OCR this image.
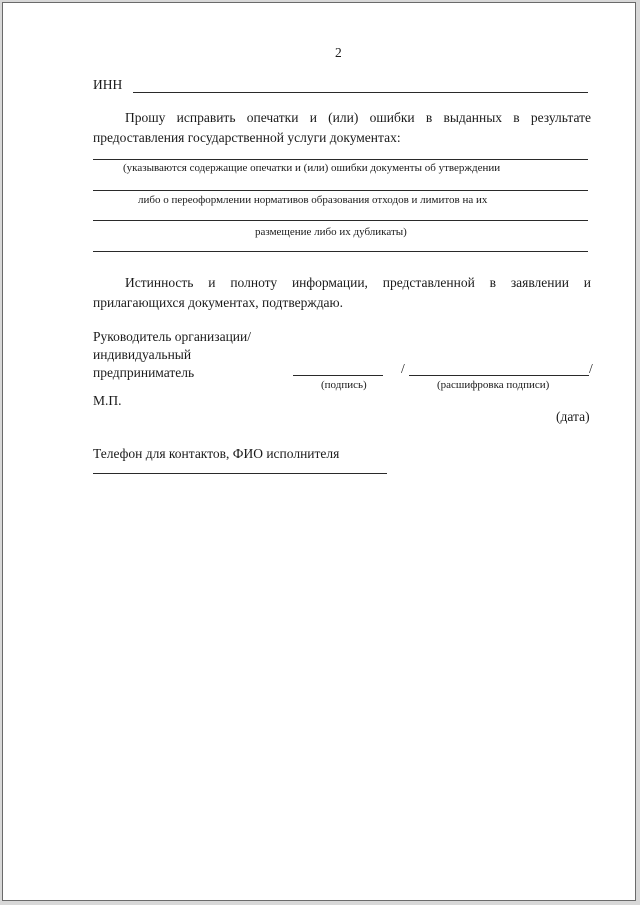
2
ИНН
Прошу исправить опечатки и (или) ошибки в выданных в результате
предоставления государственной услуги документах:
(указываются содержащие опечатки и (или) ошибки документы об утверждении
либо о переоформлении нормативов образования отходов и лимитов на их
размещение либо их дубликаты)
Истинность и полноту информации, представленной в заявлении и
прилагающихся документах, подтверждаю.
Руководитель организации/
индивидуальный
предприниматель	/	/
(подпись)	(расшифровка подписи)
М.П.
(дата)
Телефон для контактов, ФИО исполнителя
